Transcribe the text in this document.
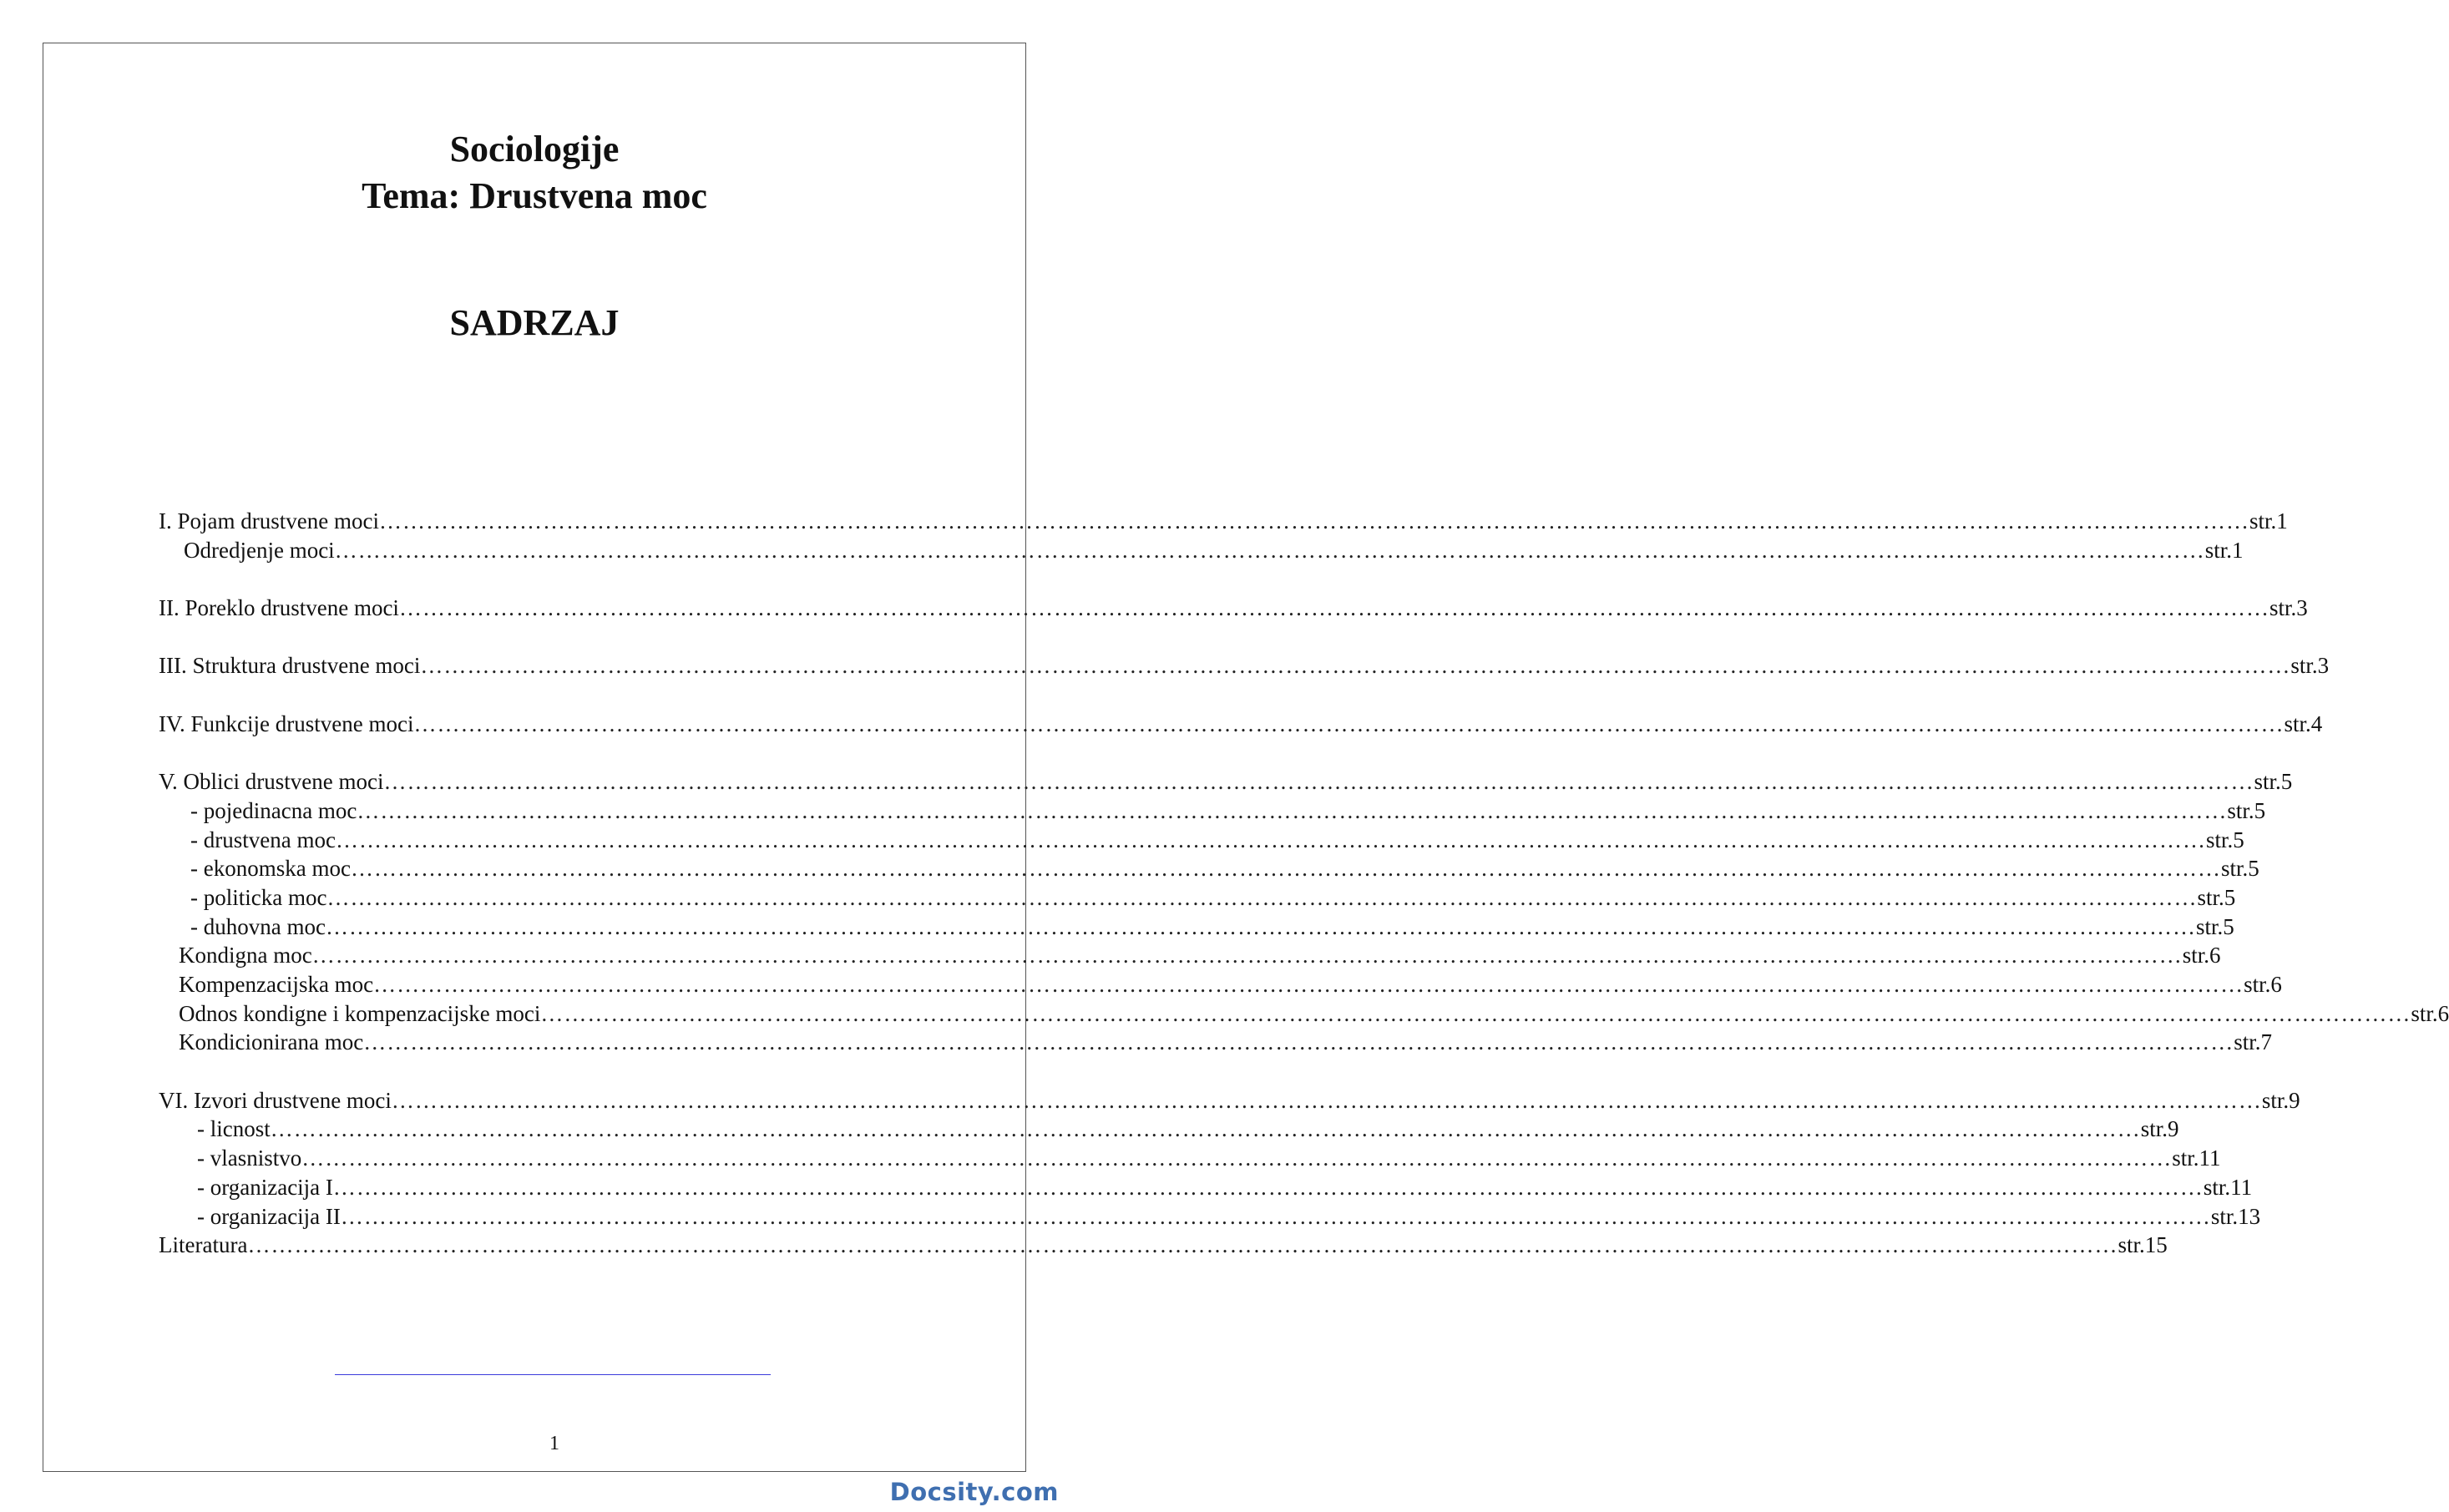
Sociologije
Tema: Drustvena moc
SADRZAJ
I. Pojam drustvene moci …………………………………………………………………………………………………………………………………………………………………………………………………………………… str.1
Odredjenje moci …………………………………………………………………………………………………………………………………………………………………………………………………………………… str.1
II. Poreklo drustvene moci …………………………………………………………………………………………………………………………………………………………………………………………………………………… str.3
III. Struktura drustvene moci …………………………………………………………………………………………………………………………………………………………………………………………………………………… str.3
IV. Funkcije drustvene moci …………………………………………………………………………………………………………………………………………………………………………………………………………………… str.4
V. Oblici drustvene moci …………………………………………………………………………………………………………………………………………………………………………………………………………………… str.5
- pojedinacna moc …………………………………………………………………………………………………………………………………………………………………………………………………………………… str.5
- drustvena moc …………………………………………………………………………………………………………………………………………………………………………………………………………………… str.5
- ekonomska moc …………………………………………………………………………………………………………………………………………………………………………………………………………………… str.5
- politicka moc …………………………………………………………………………………………………………………………………………………………………………………………………………………… str.5
- duhovna moc …………………………………………………………………………………………………………………………………………………………………………………………………………………… str.5
Kondigna moc …………………………………………………………………………………………………………………………………………………………………………………………………………………… str.6
Kompenzacijska moc …………………………………………………………………………………………………………………………………………………………………………………………………………………… str.6
Odnos kondigne i kompenzacijske moci …………………………………………………………………………………………………………………………………………………………………………………………………………………… str.6
Kondicionirana moc …………………………………………………………………………………………………………………………………………………………………………………………………………………… str.7
VI. Izvori drustvene moci …………………………………………………………………………………………………………………………………………………………………………………………………………………… str.9
- licnost …………………………………………………………………………………………………………………………………………………………………………………………………………………… str.9
- vlasnistvo …………………………………………………………………………………………………………………………………………………………………………………………………………………… str.11
- organizacija I …………………………………………………………………………………………………………………………………………………………………………………………………………………… str.11
- organizacija II …………………………………………………………………………………………………………………………………………………………………………………………………………………… str.13
Literatura …………………………………………………………………………………………………………………………………………………………………………………………………………………… str.15
1
Docsity.com
